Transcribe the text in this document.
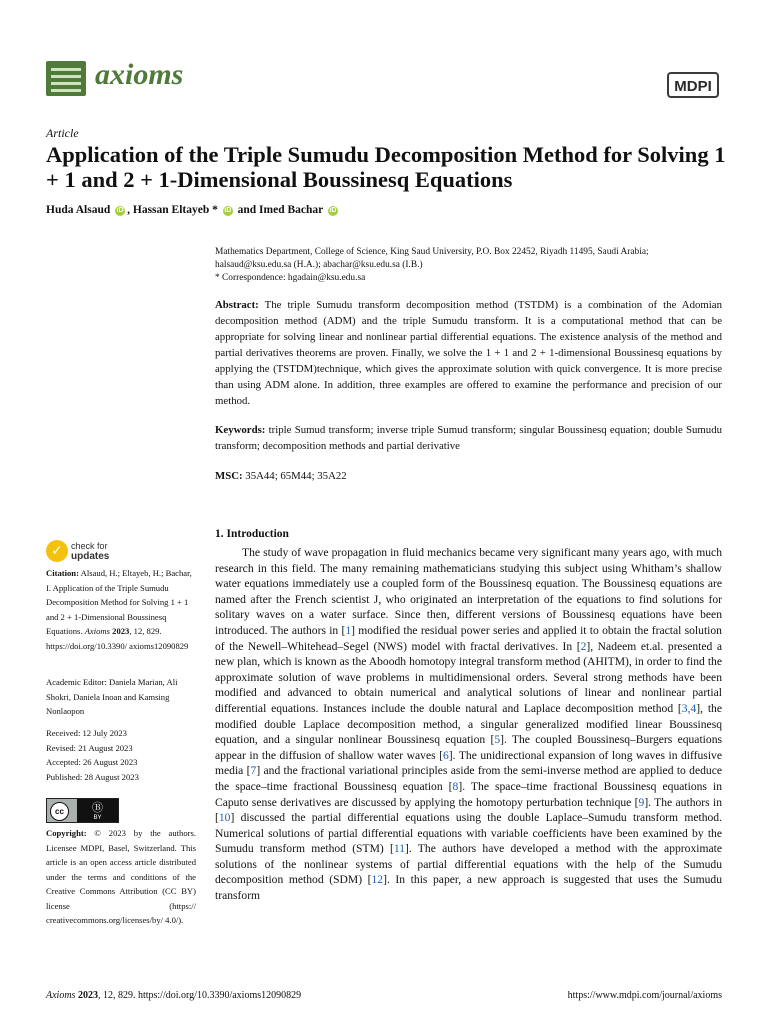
axioms	MDPI
Article
Application of the Triple Sumudu Decomposition Method for Solving 1 + 1 and 2 + 1-Dimensional Boussinesq Equations
Huda Alsaud iD , Hassan Eltayeb * iD and Imed Bachar iD
Mathematics Department, College of Science, King Saud University, P.O. Box 22452, Riyadh 11495, Saudi Arabia;
halsaud@ksu.edu.sa (H.A.); abachar@ksu.edu.sa (I.B.)
* Correspondence: hgadain@ksu.edu.sa
Abstract: The triple Sumudu transform decomposition method (TSTDM) is a combination of the Adomian decomposition method (ADM) and the triple Sumudu transform. It is a computational method that can be appropriate for solving linear and nonlinear partial differential equations. The existence analysis of the method and partial derivatives theorems are proven. Finally, we solve the 1 + 1 and 2 + 1-dimensional Boussinesq equations by applying the (TSTDM)technique, which gives the approximate solution with quick convergence. It is more precise than using ADM alone. In addition, three examples are offered to examine the performance and precision of our method.
Keywords: triple Sumud transform; inverse triple Sumud transform; singular Boussinesq equation; double Sumudu transform; decomposition methods and partial derivative
MSC: 35A44; 65M44; 35A22
1. Introduction

The study of wave propagation in fluid mechanics became very significant many years ago, with much research in this field. The many remaining mathematicians studying this subject using Whitham’s shallow water equations immediately use a coupled form of the Boussinesq equation. The Boussinesq equations are named after the French scientist J, who originated an interpretation of the equations to find solutions for solitary waves on a water surface. Since then, different versions of Boussinesq equations have been introduced. The authors in [1] modified the residual power series and applied it to obtain the fractal solution of the Newell–Whitehead–Segel (NWS) model with fractal derivatives. In [2], Nadeem et.al. presented a new plan, which is known as the Aboodh homotopy integral transform method (AHITM), in order to find the approximate solution of wave problems in multidimensional orders. Several strong methods have been modified and advanced to obtain numerical and analytical solutions of linear and nonlinear partial differential equations. Instances include the double natural and Laplace decomposition method [3,4], the modified double Laplace decomposition method, a singular generalized modified linear Boussinesq equation, and a singular nonlinear Boussinesq equation [5]. The coupled Boussinesq–Burgers equations appear in the diffusion of shallow water waves [6]. The unidirectional expansion of long waves in diffusive media [7] and the fractional variational principles aside from the semi-inverse method are applied to deduce the space–time fractional Boussinesq equation [8]. The space–time fractional Boussinesq equations in Caputo sense derivatives are discussed by applying the homotopy perturbation technique [9]. The authors in [10] discussed the partial differential equations using the double Laplace–Sumudu transform method. Numerical solutions of partial differential equations with variable coefficients have been examined by the Sumudu transform method (STM) [11]. The authors have developed a method with the approximate solutions of the nonlinear systems of partial differential equations with the help of the Sumudu decomposition method (SDM) [12]. In this paper, a new approach is suggested that uses the Sumudu transform

✓ check for
updates
Citation: Alsaud, H.; Eltayeb, H.; Bachar, I. Application of the Triple Sumudu Decomposition Method for Solving 1 + 1 and 2 + 1-Dimensional Boussinesq Equations. Axioms 2023, 12, 829. https://doi.org/10.3390/ axioms12090829
Academic Editor: Daniela Marian, Ali Shokri, Daniela Inoan and Kamsing Nonlaopon
Received: 12 July 2023
Revised: 21 August 2023
Accepted: 26 August 2023
Published: 28 August 2023
cc	Ⓑ
BY
Copyright: © 2023 by the authors. Licensee MDPI, Basel, Switzerland. This article is an open access article distributed under the terms and conditions of the Creative Commons Attribution (CC BY) license (https:// creativecommons.org/licenses/by/ 4.0/).
Axioms 2023, 12, 829. https://doi.org/10.3390/axioms12090829	https://www.mdpi.com/journal/axioms
